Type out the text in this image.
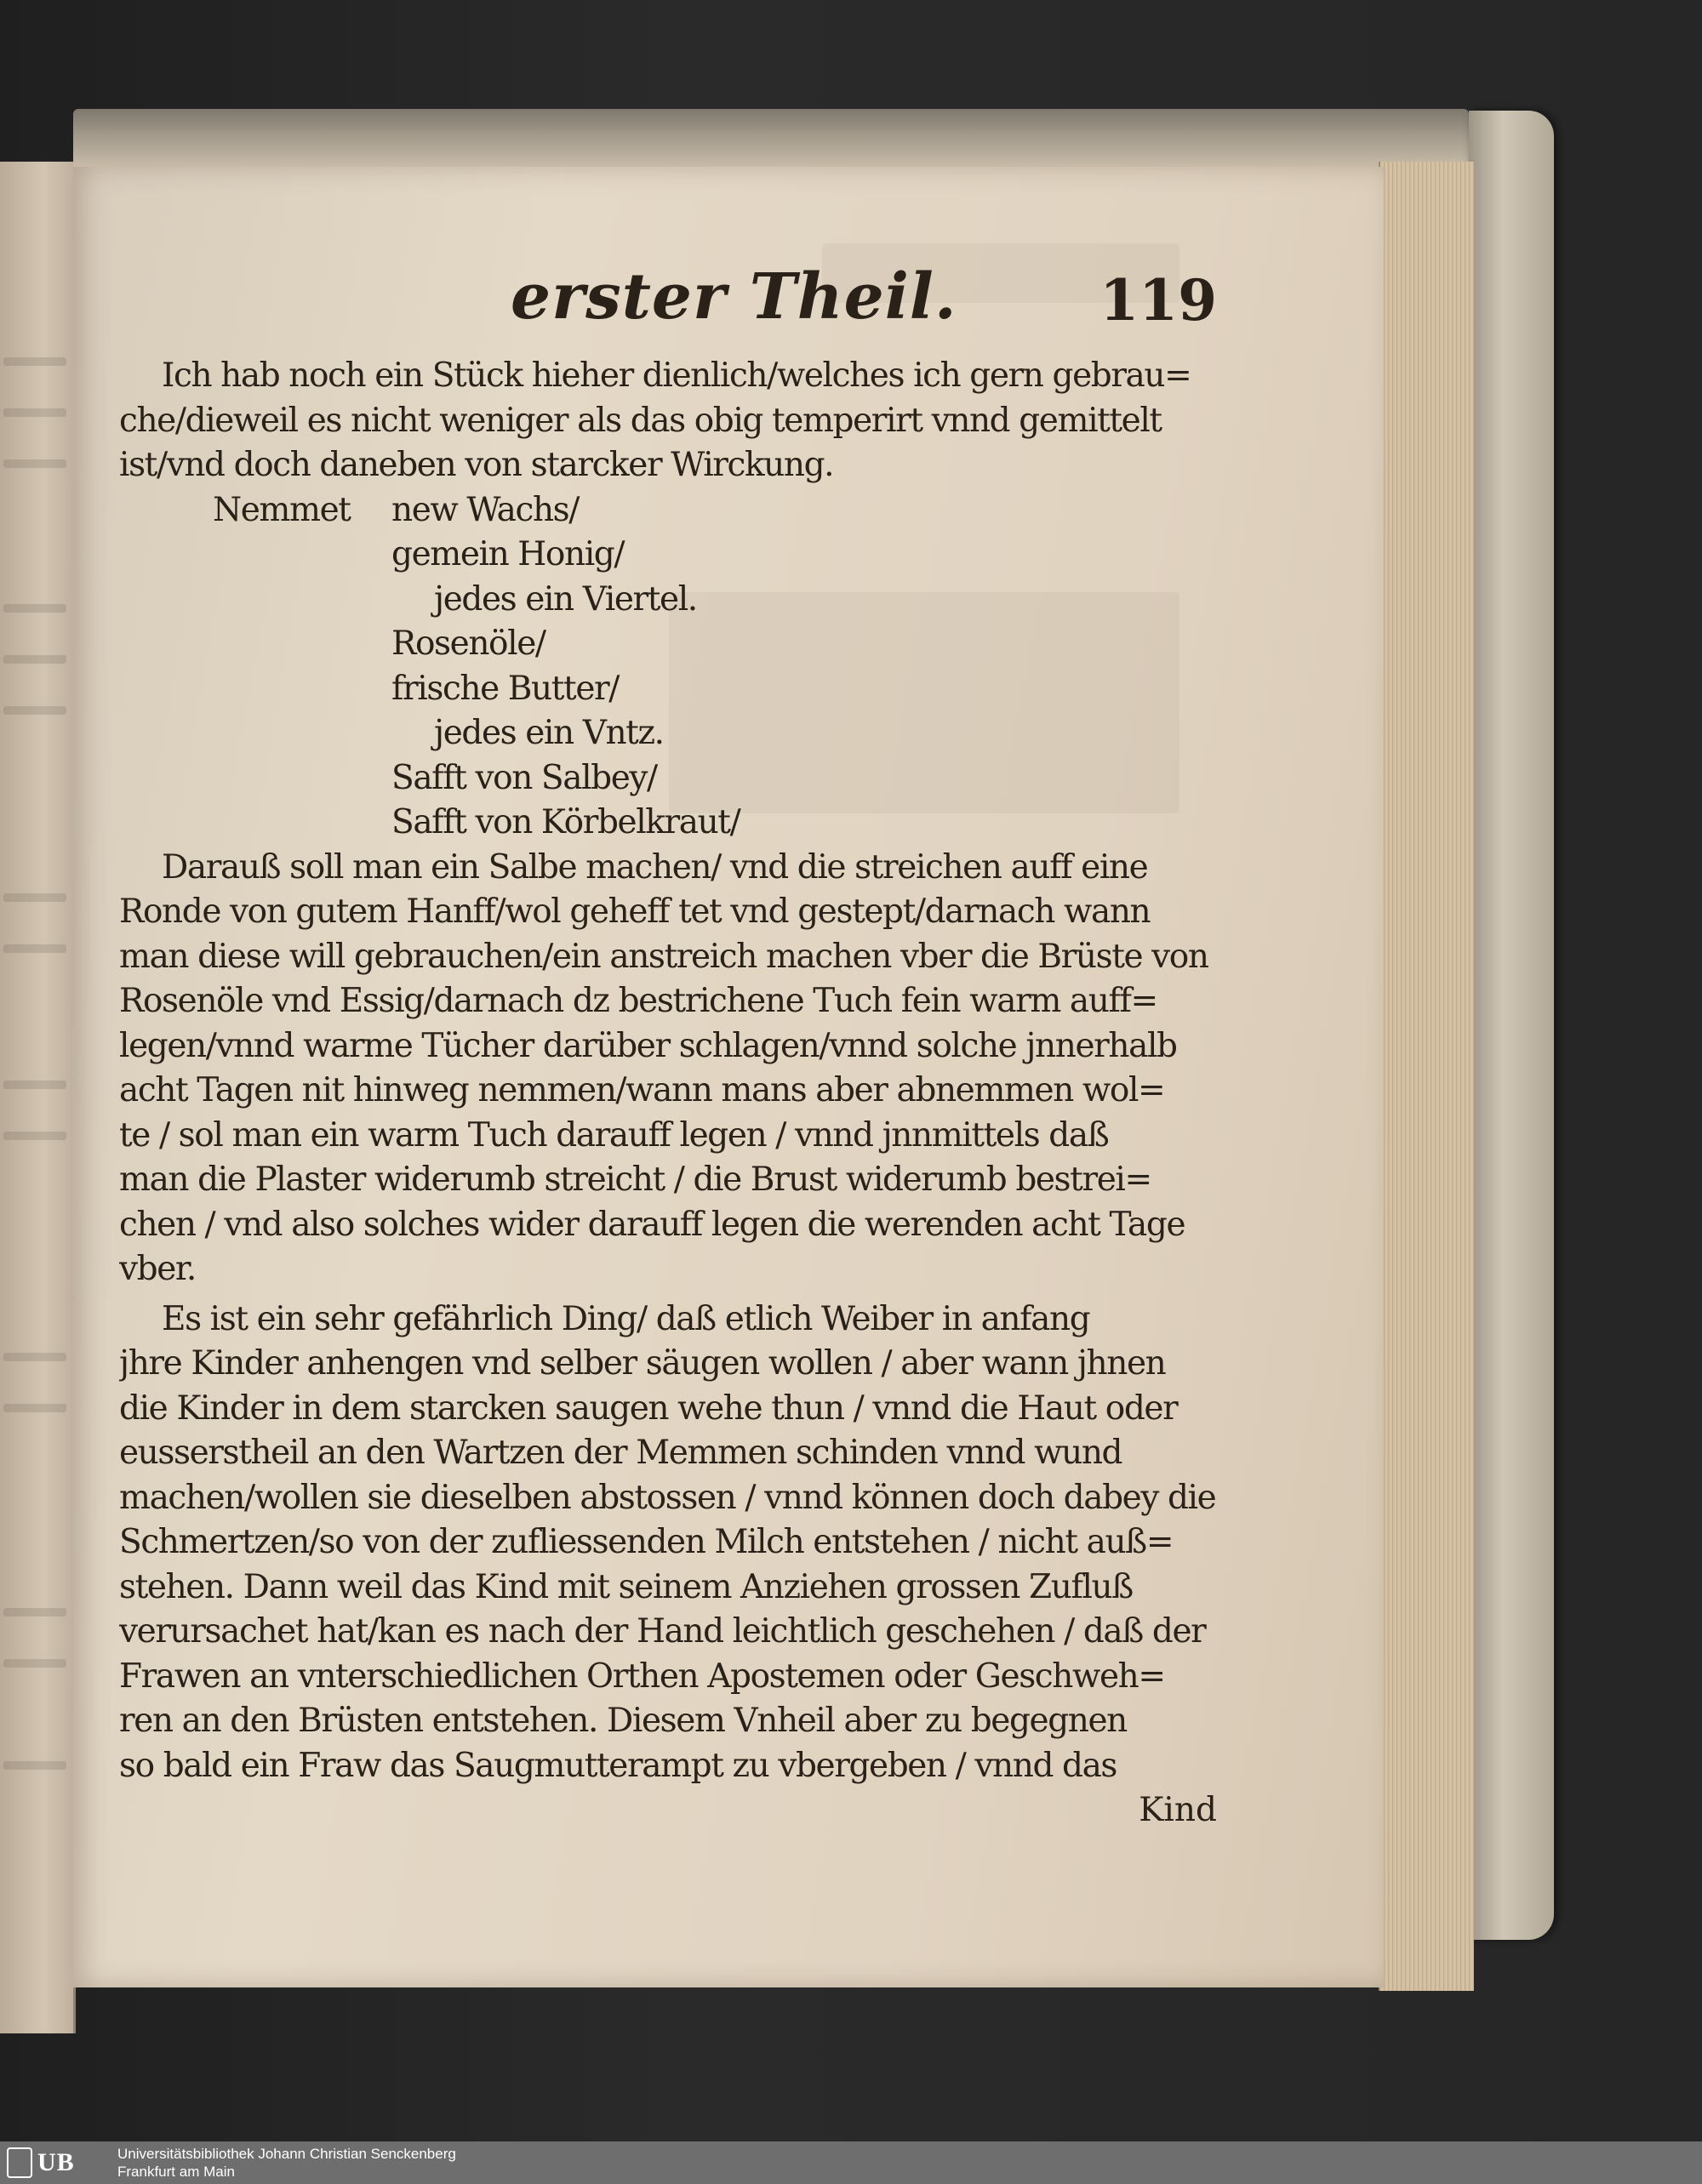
erster Theil.	119
Ich hab noch ein Stück hieher dienlich/welches ich gern gebrau=
che/dieweil es nicht weniger als das obig temperirt vnnd gemittelt
ist/vnd doch daneben von starcker Wirckung.
Nemmet new Wachs/
gemein Honig/
jedes ein Viertel.
Rosenöle/
frische Butter/
jedes ein Vntz.
Safft von Salbey/
Safft von Körbelkraut/
Darauß soll man ein Salbe machen/ vnd die streichen auff eine
Ronde von gutem Hanff/wol geheff tet vnd gestept/darnach wann
man diese will gebrauchen/ein anstreich machen vber die Brüste von
Rosenöle vnd Essig/darnach dz bestrichene Tuch fein warm auff=
legen/vnnd warme Tücher darüber schlagen/vnnd solche jnnerhalb
acht Tagen nit hinweg nemmen/wann mans aber abnemmen wol=
te / sol man ein warm Tuch darauff legen / vnnd jnnmittels daß
man die Plaster widerumb streicht / die Brust widerumb bestrei=
chen / vnd also solches wider darauff legen die werenden acht Tage
vber.
Es ist ein sehr gefährlich Ding/ daß etlich Weiber in anfang
jhre Kinder anhengen vnd selber säugen wollen / aber wann jhnen
die Kinder in dem starcken saugen wehe thun / vnnd die Haut oder
eusserstheil an den Wartzen der Memmen schinden vnnd wund
machen/wollen sie dieselben abstossen / vnnd können doch dabey die
Schmertzen/so von der zufliessenden Milch entstehen / nicht auß=
stehen. Dann weil das Kind mit seinem Anziehen grossen Zufluß
verursachet hat/kan es nach der Hand leichtlich geschehen / daß der
Frawen an vnterschiedlichen Orthen Apostemen oder Geschweh=
ren an den Brüsten entstehen. Diesem Vnheil aber zu begegnen
so bald ein Fraw das Saugmutterampt zu vbergeben / vnnd das
Kind
UB	Universitätsbibliothek Johann Christian Senckenberg
Frankfurt am Main
